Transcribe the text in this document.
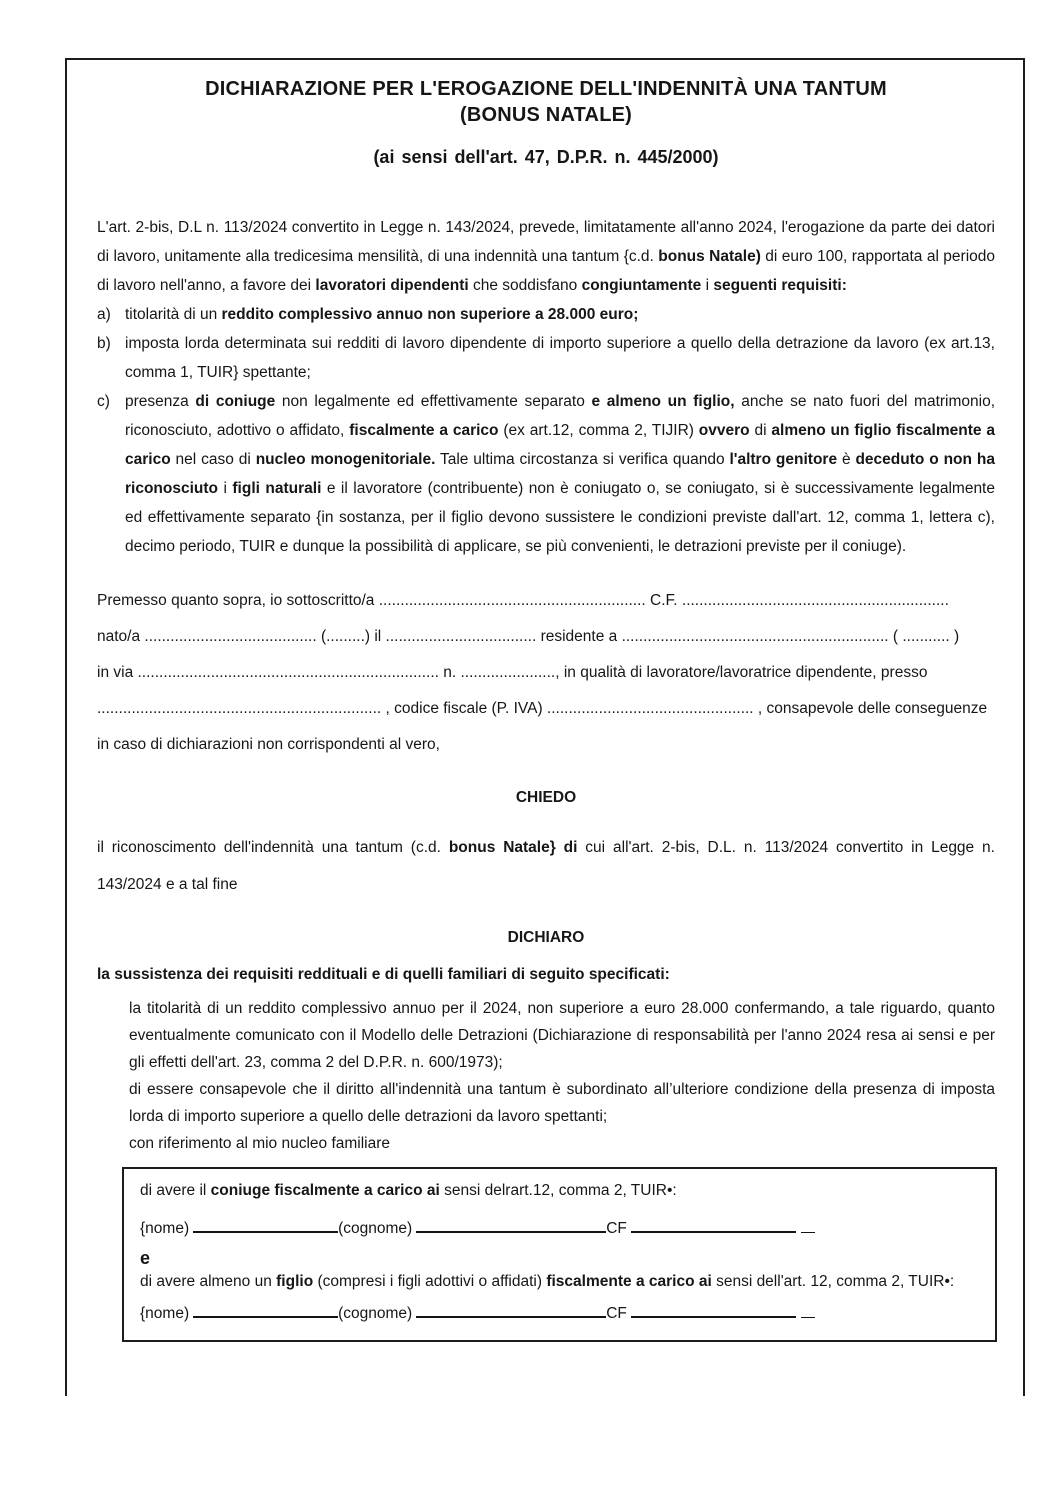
DICHIARAZIONE PER L'EROGAZIONE DELL'INDENNITÀ UNA TANTUM
(BONUS NATALE)
(ai sensi dell'art. 47, D.P.R. n. 445/2000)
L'art. 2-bis, D.L n. 113/2024 convertito in Legge n. 143/2024, prevede, limitatamente all'anno 2024, l'erogazione da parte dei datori di lavoro, unitamente alla tredicesima mensilità, di una indennità una tantum {c.d. bonus Natale) di euro 100, rapportata al periodo di lavoro nell'anno, a favore dei lavoratori dipendenti che soddisfano congiuntamente i seguenti requisiti:
a) titolarità di un reddito complessivo annuo non superiore a 28.000 euro;
b) imposta lorda determinata sui redditi di lavoro dipendente di importo superiore a quello della detrazione da lavoro (ex art.13, comma 1, TUIR} spettante;
c) presenza di coniuge non legalmente ed effettivamente separato e almeno un figlio, anche se nato fuori del matrimonio, riconosciuto, adottivo o affidato, fiscalmente a carico (ex art.12, comma 2, TIJIR) ovvero di almeno un figlio fiscalmente a carico nel caso di nucleo monogenitoriale. Tale ultima circostanza si verifica quando l'altro genitore è deceduto o non ha riconosciuto i figli naturali e il lavoratore (contribuente) non è coniugato o, se coniugato, si è successivamente legalmente ed effettivamente separato {in sostanza, per il figlio devono sussistere le condizioni previste dall'art. 12, comma 1, lettera c), decimo periodo, TUIR e dunque la possibilità di applicare, se più convenienti, le detrazioni previste per il coniuge).
Premesso quanto sopra, io sottoscritto/a .............................................................. C.F. ..............................................................
nato/a ........................................ (.........) il ................................... residente a .............................................................. ( ........... )
in via ...................................................................... n. ......................, in qualità di lavoratore/lavoratrice dipendente, presso
.................................................................. , codice fiscale (P. IVA) ................................................ , consapevole delle conseguenze
in caso di dichiarazioni non corrispondenti al vero,
CHIEDO
il riconoscimento dell'indennità una tantum (c.d. bonus Natale} di cui all'art. 2-bis, D.L. n. 113/2024 convertito in Legge n. 143/2024 e a tal fine
DICHIARO
la sussistenza dei requisiti reddituali e di quelli familiari di seguito specificati:
la titolarità di un reddito complessivo annuo per il 2024, non superiore a euro 28.000 confermando, a tale riguardo, quanto eventualmente comunicato con il Modello delle Detrazioni (Dichiarazione di responsabilità per l'anno 2024 resa ai sensi e per gli effetti dell'art. 23, comma 2 del D.P.R. n. 600/1973);
di essere consapevole che il diritto all'indennità una tantum è subordinato all’ulteriore condizione della presenza di imposta lorda di importo superiore a quello delle detrazioni da lavoro spettanti;
con riferimento al mio nucleo familiare
di avere il coniuge fiscalmente a carico ai sensi delrart.12, comma 2, TUIR•:
{nome)	(cognome)	CF
e
di avere almeno un figlio (compresi i figli adottivi o affidati) fiscalmente a carico ai sensi dell'art. 12, comma 2, TUIR•:
{nome)	(cognome)	CF
